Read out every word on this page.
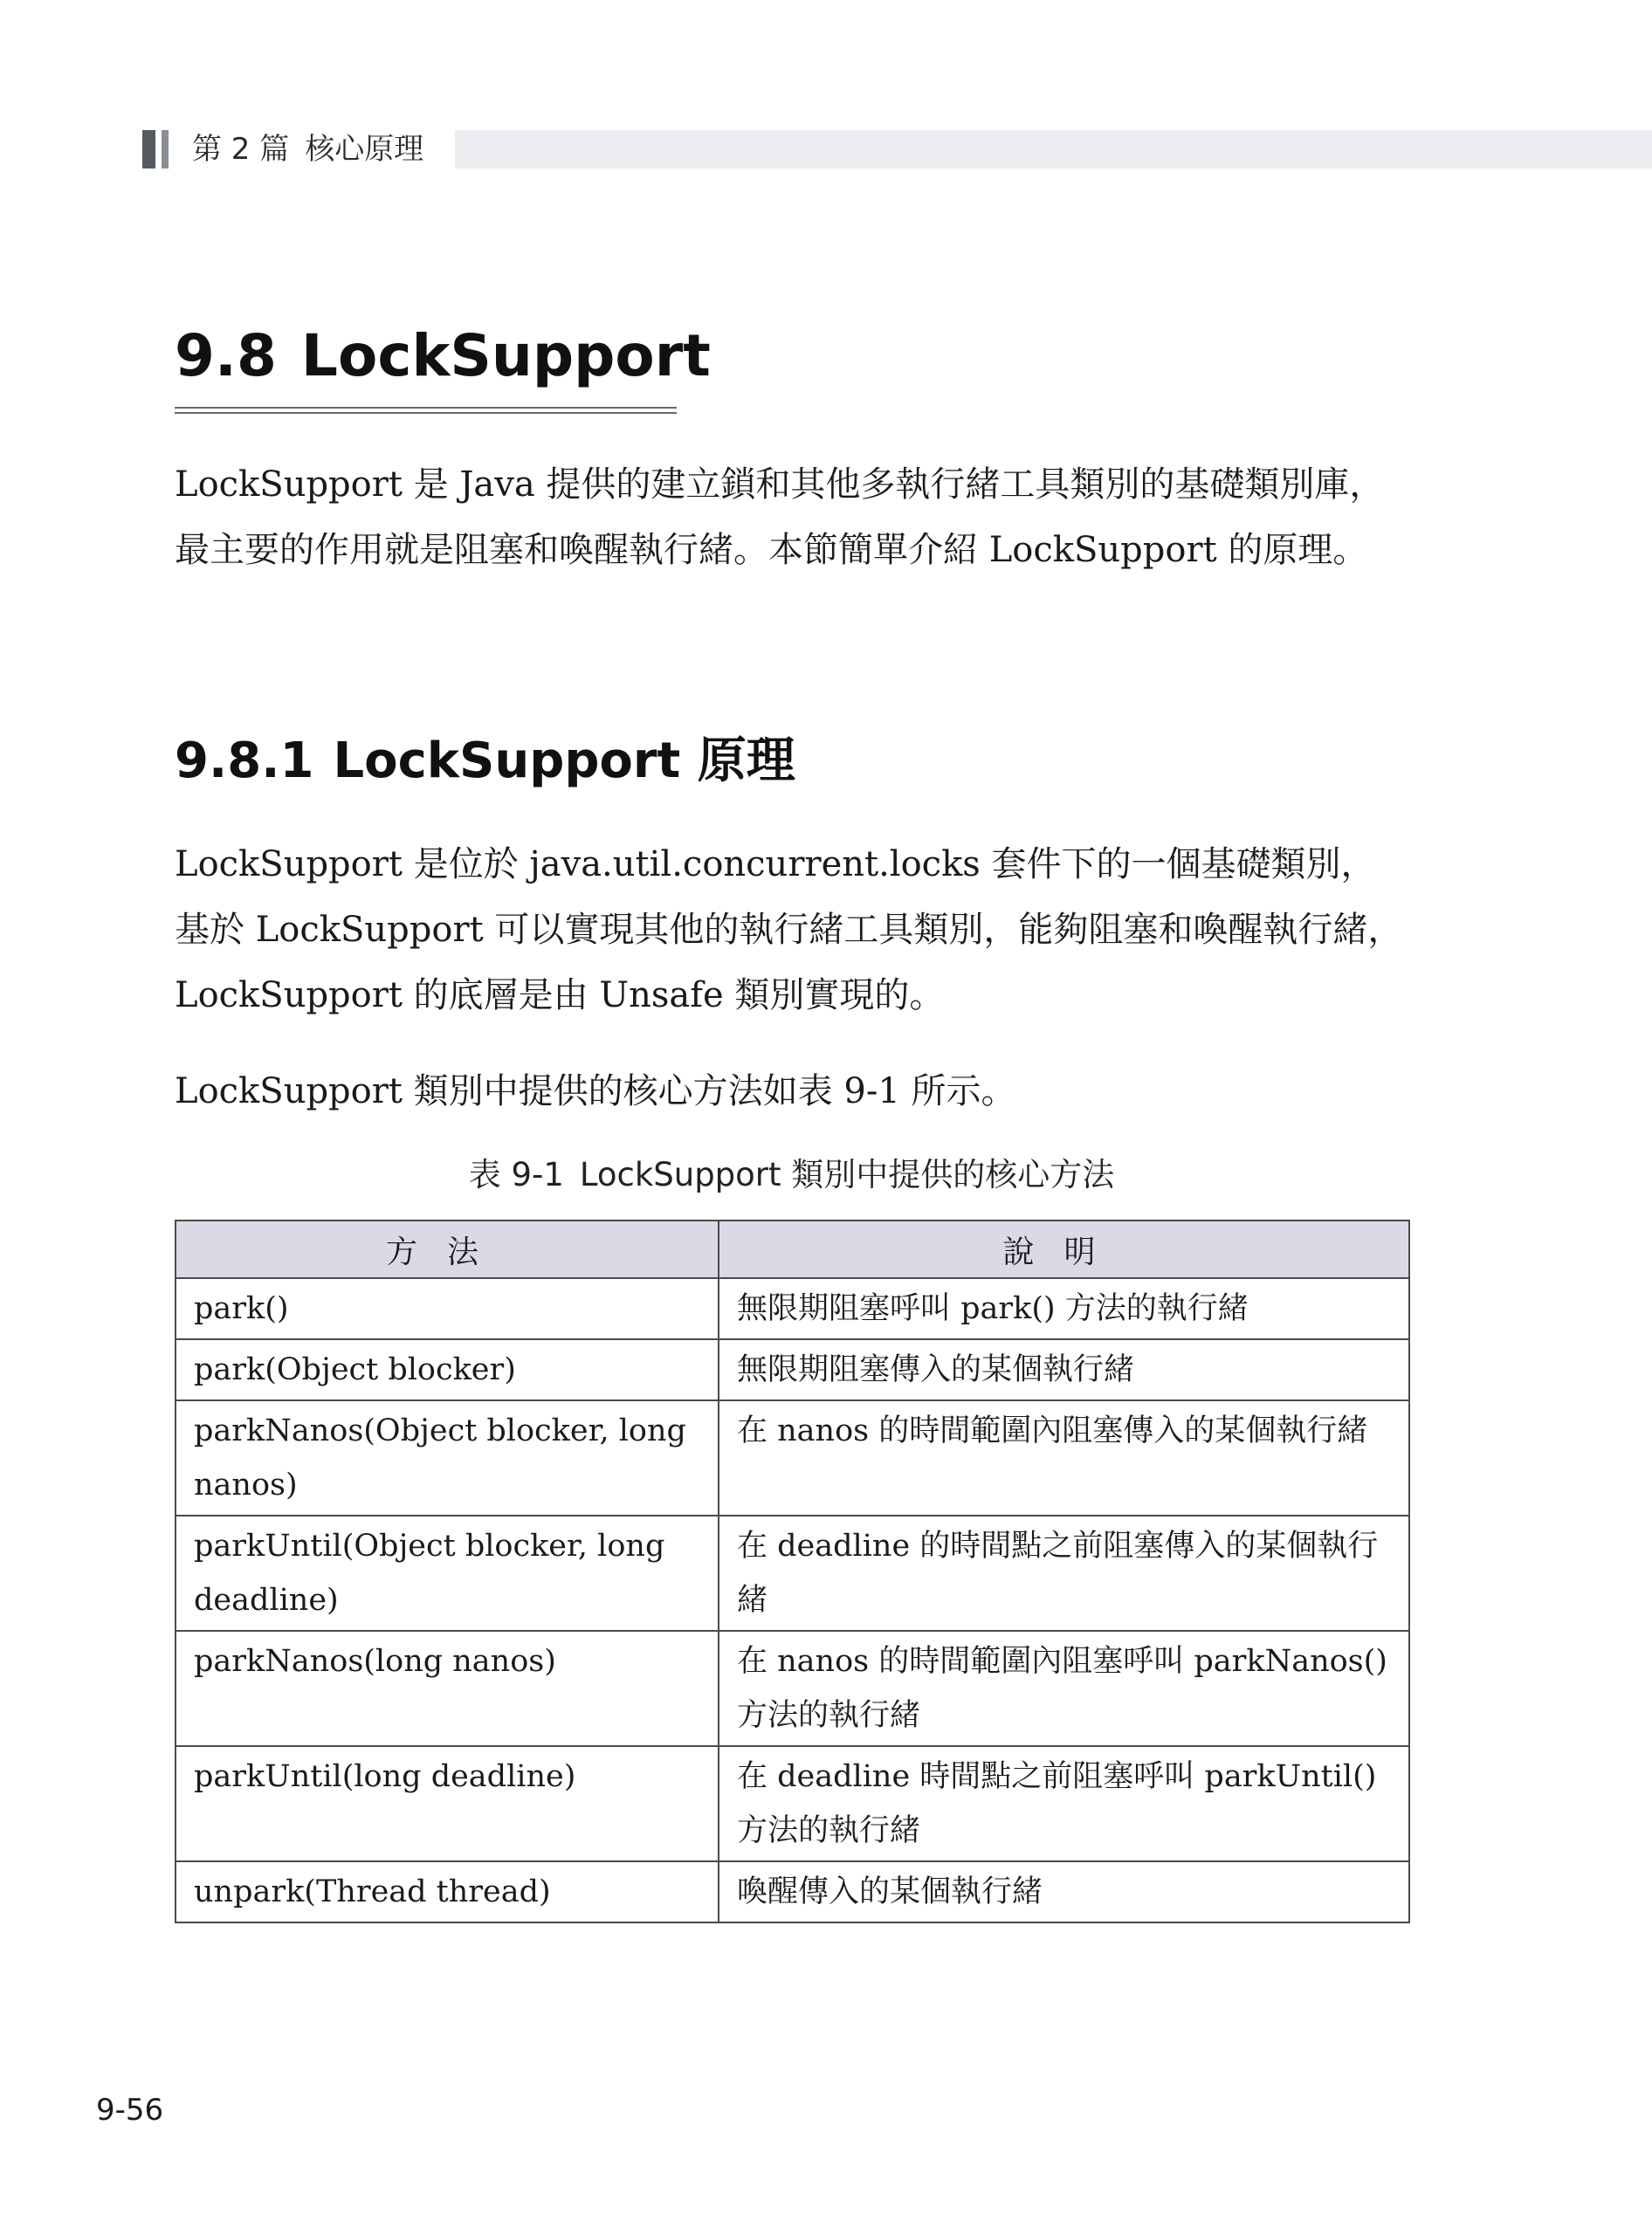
第 2 篇 核心原理
9.8 LockSupport
LockSupport 是 Java 提供的建立鎖和其他多執行緒工具類別的基礎類別庫，最主要的作用就是阻塞和喚醒執行緒。本節簡單介紹 LockSupport 的原理。
9.8.1 LockSupport 原理
LockSupport 是位於 java.util.concurrent.locks 套件下的一個基礎類別，基於 LockSupport 可以實現其他的執行緒工具類別，能夠阻塞和喚醒執行緒，LockSupport 的底層是由 Unsafe 類別實現的。
LockSupport 類別中提供的核心方法如表 9-1 所示。
表 9-1 LockSupport 類別中提供的核心方法
方法	說明
park()	無限期阻塞呼叫 park() 方法的執行緒
park(Object blocker)	無限期阻塞傳入的某個執行緒
parkNanos(Object blocker, long nanos)	在 nanos 的時間範圍內阻塞傳入的某個執行緒
parkUntil(Object blocker, long deadline)	在 deadline 的時間點之前阻塞傳入的某個執行緒
parkNanos(long nanos)	在 nanos 的時間範圍內阻塞呼叫 parkNanos() 方法的執行緒
parkUntil(long deadline)	在 deadline 時間點之前阻塞呼叫 parkUntil() 方法的執行緒
unpark(Thread thread)	喚醒傳入的某個執行緒
9-56
